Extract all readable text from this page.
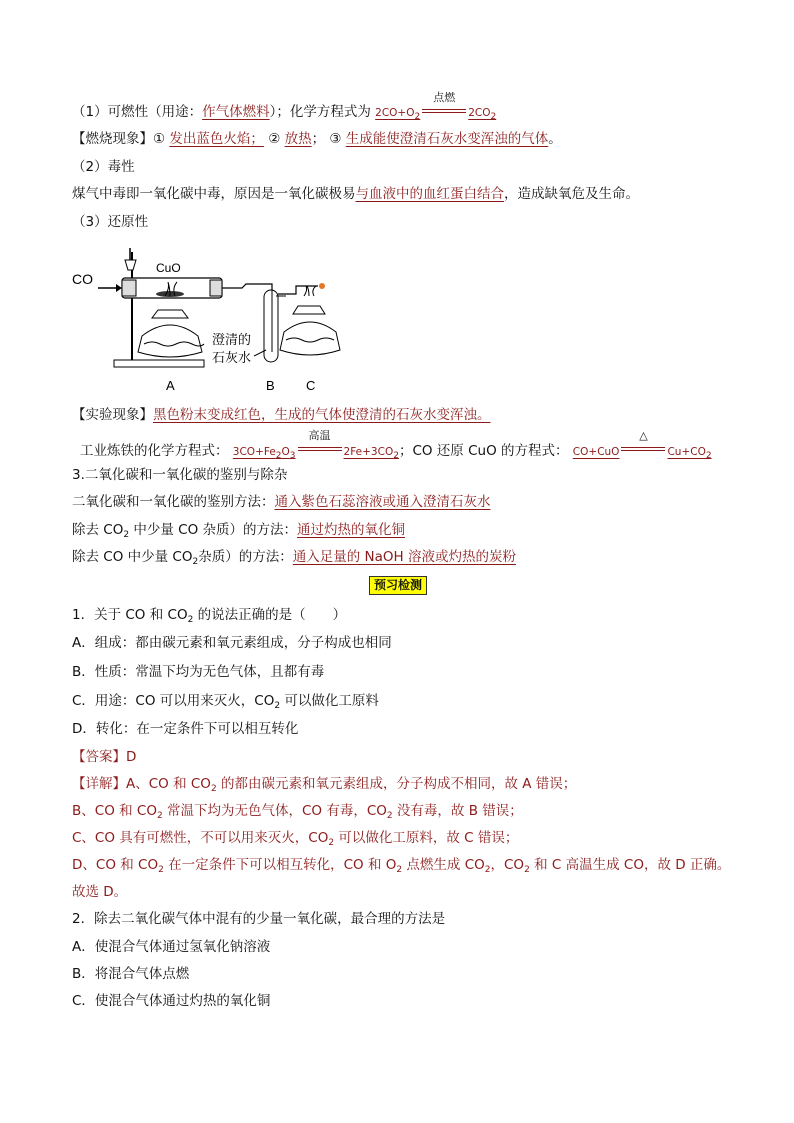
（1）可燃性（用途：作气体燃料）；化学方程式为 2CO+O2
点燃
2CO2
【燃烧现象】① 发出蓝色火焰； ② 放热； ③ 生成能使澄清石灰水变浑浊的气体。
（2）毒性
煤气中毒即一氧化碳中毒，原因是一氧化碳极易与血液中的血红蛋白结合，造成缺氧危及生命。
（3）还原性
CO
CuO
澄清的
石灰水
A	B C
【实验现象】黑色粉末变成红色，生成的气体使澄清的石灰水变浑浊。
工业炼铁的化学方程式： 3CO+Fe2O3
高温
2Fe+3CO2；CO 还原 CuO 的方程式： CO+CuO
△
Cu+CO2
3.二氧化碳和一氧化碳的鉴别与除杂
二氧化碳和一氧化碳的鉴别方法：通入紫色石蕊溶液或通入澄清石灰水
除去 $CO_2$ 中少量 CO 杂质）的方法：通过灼热的氧化铜
除去 CO 中少量 $CO_2$杂质）的方法：通入足量的 NaOH 溶液或灼热的炭粉
预习检测
1．关于 CO 和 $CO_2$ 的说法正确的是（　　）
A．组成：都由碳元素和氧元素组成，分子构成也相同
B．性质：常温下均为无色气体，且都有毒
C．用途：CO 可以用来灭火，$CO_2$ 可以做化工原料
D．转化：在一定条件下可以相互转化
【答案】D
【详解】A、CO 和 $CO_2$ 的都由碳元素和氧元素组成，分子构成不相同，故 A 错误；
B、CO 和 $CO_2$ 常温下均为无色气体，CO 有毒，$CO_2$ 没有毒，故 B 错误；
C、CO 具有可燃性，不可以用来灭火，$CO_2$ 可以做化工原料，故 C 错误；
D、CO 和 $CO_2$ 在一定条件下可以相互转化，CO 和 $O_2$ 点燃生成 $CO_2$，$CO_2$ 和 C 高温生成 CO，故 D 正确。
故选 D。
2．除去二氧化碳气体中混有的少量一氧化碳，最合理的方法是
A．使混合气体通过氢氧化钠溶液
B．将混合气体点燃
C．使混合气体通过灼热的氧化铜
